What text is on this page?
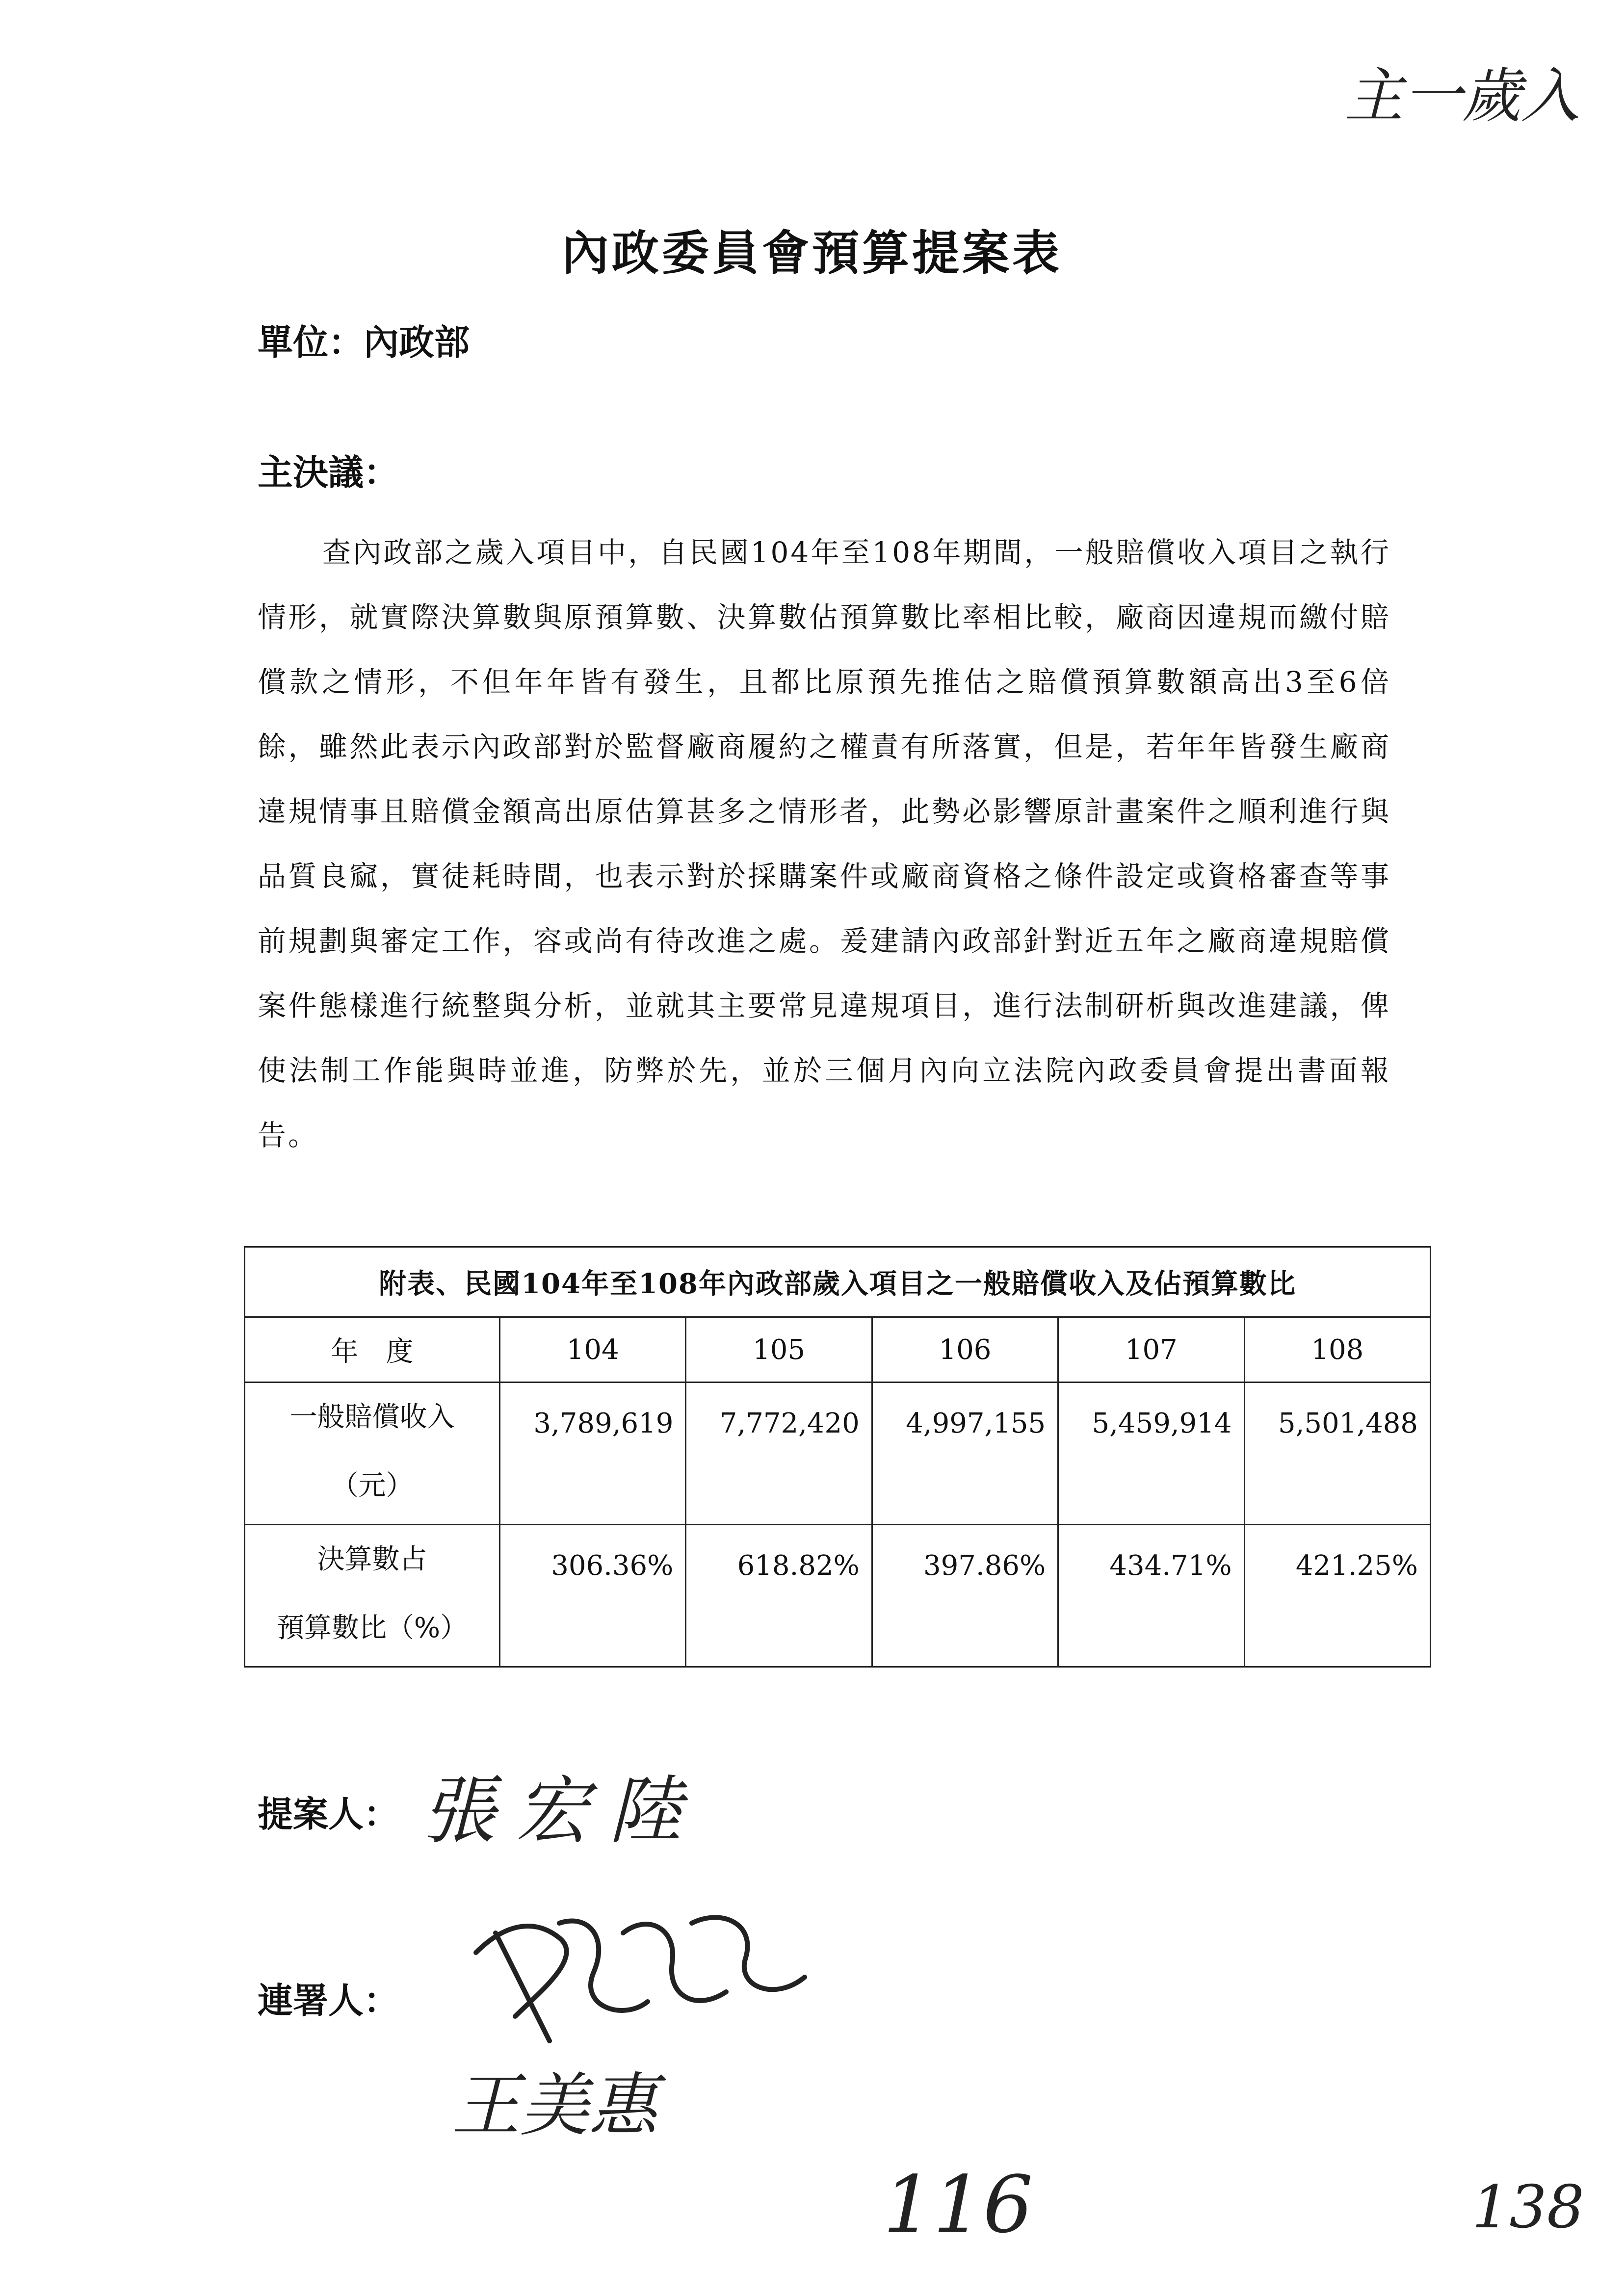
主一歲入
內政委員會預算提案表
單位：內政部
主決議：

查內政部之歲入項目中，自民國104年至108年期間，一般賠償收入項目之執行情形，就實際決算數與原預算數、決算數佔預算數比率相比較，廠商因違規而繳付賠償款之情形，不但年年皆有發生，且都比原預先推估之賠償預算數額高出3至6倍餘，雖然此表示內政部對於監督廠商履約之權責有所落實，但是，若年年皆發生廠商違規情事且賠償金額高出原估算甚多之情形者，此勢必影響原計畫案件之順利進行與品質良窳，實徒耗時間，也表示對於採購案件或廠商資格之條件設定或資格審查等事前規劃與審定工作，容或尚有待改進之處。爰建請內政部針對近五年之廠商違規賠償案件態樣進行統整與分析，並就其主要常見違規項目，進行法制研析與改進建議，俾使法制工作能與時並進，防弊於先，並於三個月內向立法院內政委員會提出書面報告。

附表、民國104年至108年內政部歲入項目之一般賠償收入及佔預算數比					
年　度	104	105	106	107	108

一般賠償收入
（元）	3,789,619	7,772,420	4,997,155	5,459,914	5,501,488

決算數占
預算數比（%）	306.36%	618.82%	397.86%	434.71%	421.25%
提案人： 張宏陸
連署人：
王美惠
116	138
